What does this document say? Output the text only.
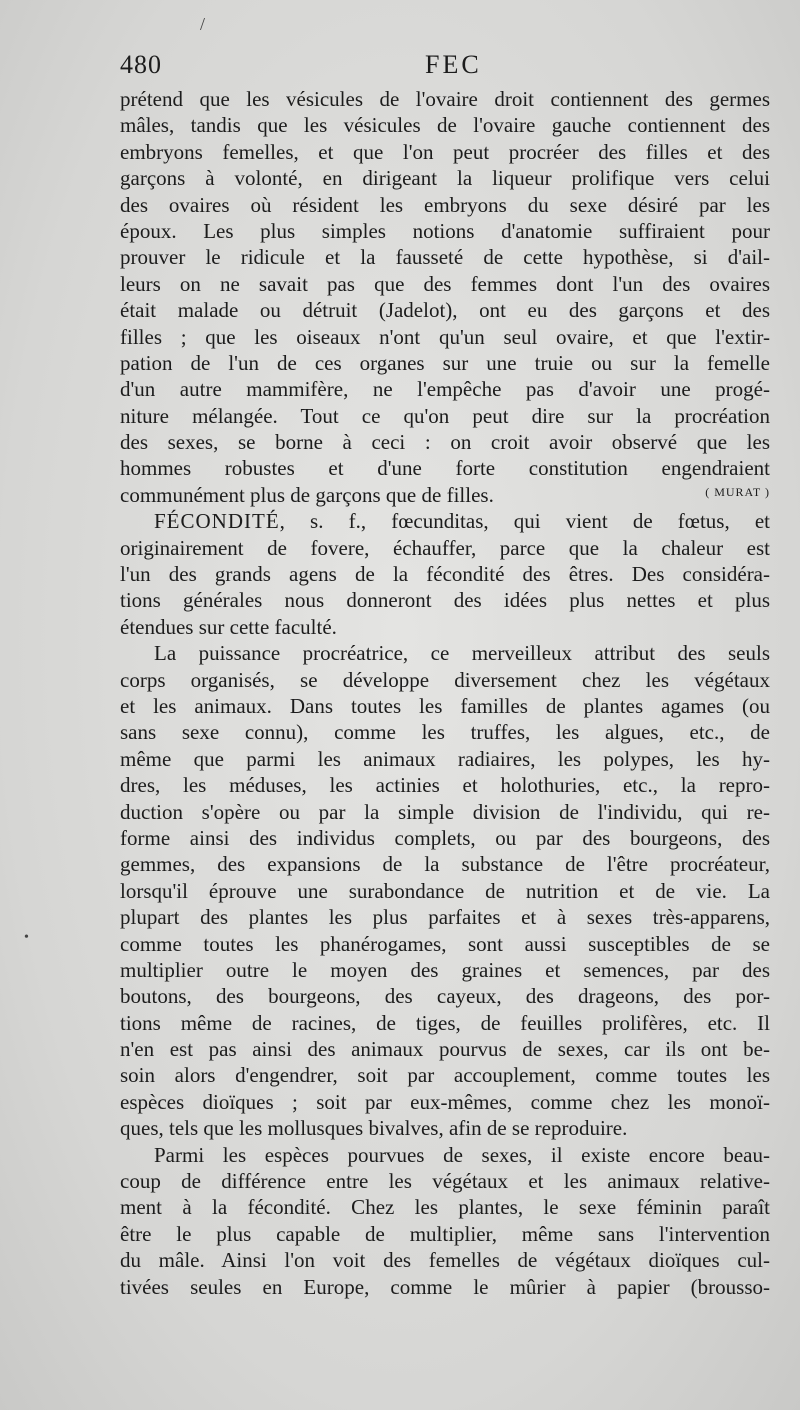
/
•
480	FEC
prétend que les vésicules de l'ovaire droit contiennent des germes
mâles, tandis que les vésicules de l'ovaire gauche contiennent des
embryons femelles, et que l'on peut procréer des filles et des
garçons à volonté, en dirigeant la liqueur prolifique vers celui
des ovaires où résident les embryons du sexe désiré par les
époux. Les plus simples notions d'anatomie suffiraient pour
prouver le ridicule et la fausseté de cette hypothèse, si d'ail-
leurs on ne savait pas que des femmes dont l'un des ovaires
était malade ou détruit (Jadelot), ont eu des garçons et des
filles ; que les oiseaux n'ont qu'un seul ovaire, et que l'extir-
pation de l'un de ces organes sur une truie ou sur la femelle
d'un autre mammifère, ne l'empêche pas d'avoir une progé-
niture mélangée. Tout ce qu'on peut dire sur la procréation
des sexes, se borne à ceci : on croit avoir observé que les
hommes robustes et d'une forte constitution engendraient
communément plus de garçons que de filles.	( MURAT )
FÉCONDITÉ, s. f., fœcunditas, qui vient de fœtus, et
originairement de fovere, échauffer, parce que la chaleur est
l'un des grands agens de la fécondité des êtres. Des considéra-
tions générales nous donneront des idées plus nettes et plus
étendues sur cette faculté.
La puissance procréatrice, ce merveilleux attribut des seuls
corps organisés, se développe diversement chez les végétaux
et les animaux. Dans toutes les familles de plantes agames (ou
sans sexe connu), comme les truffes, les algues, etc., de
même que parmi les animaux radiaires, les polypes, les hy-
dres, les méduses, les actinies et holothuries, etc., la repro-
duction s'opère ou par la simple division de l'individu, qui re-
forme ainsi des individus complets, ou par des bourgeons, des
gemmes, des expansions de la substance de l'être procréateur,
lorsqu'il éprouve une surabondance de nutrition et de vie. La
plupart des plantes les plus parfaites et à sexes très-apparens,
comme toutes les phanérogames, sont aussi susceptibles de se
multiplier outre le moyen des graines et semences, par des
boutons, des bourgeons, des cayeux, des drageons, des por-
tions même de racines, de tiges, de feuilles prolifères, etc. Il
n'en est pas ainsi des animaux pourvus de sexes, car ils ont be-
soin alors d'engendrer, soit par accouplement, comme toutes les
espèces dioïques ; soit par eux-mêmes, comme chez les monoï-
ques, tels que les mollusques bivalves, afin de se reproduire.
Parmi les espèces pourvues de sexes, il existe encore beau-
coup de différence entre les végétaux et les animaux relative-
ment à la fécondité. Chez les plantes, le sexe féminin paraît
être le plus capable de multiplier, même sans l'intervention
du mâle. Ainsi l'on voit des femelles de végétaux dioïques cul-
tivées seules en Europe, comme le mûrier à papier (brousso-
